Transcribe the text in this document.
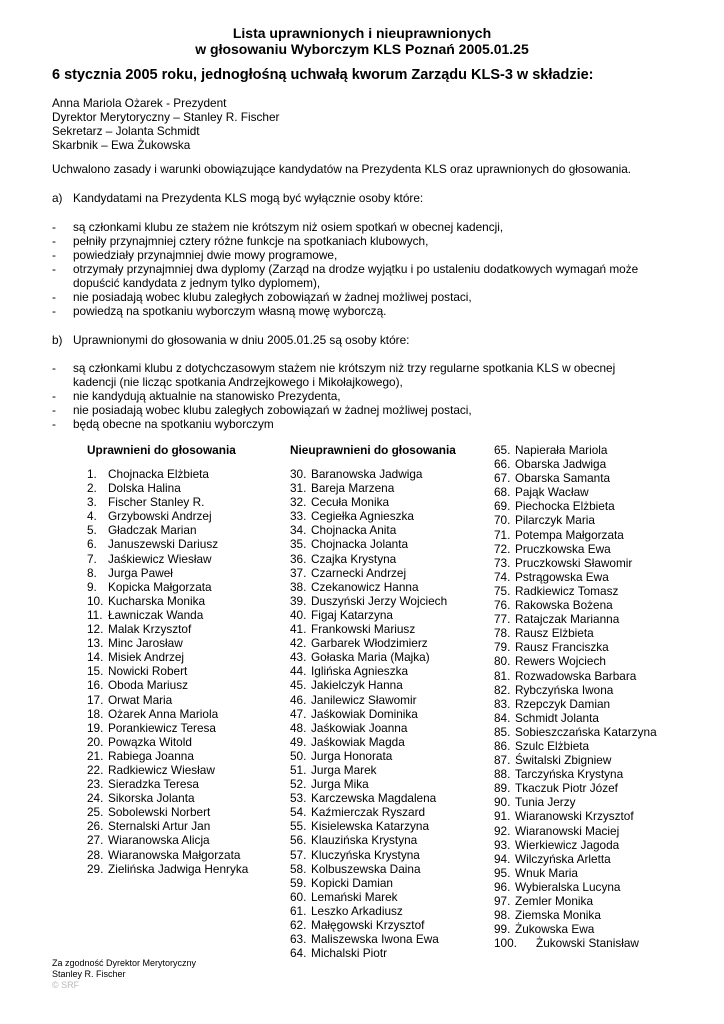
Lista uprawnionych i nieuprawnionych
w głosowaniu Wyborczym KLS Poznań 2005.01.25
6 stycznia 2005 roku, jednogłośną uchwałą kworum Zarządu KLS-3 w składzie:
Anna Mariola Ożarek - Prezydent
Dyrektor Merytoryczny – Stanley R. Fischer
Sekretarz – Jolanta Schmidt
Skarbnik – Ewa Żukowska
Uchwalono zasady i warunki obowiązujące kandydatów na Prezydenta KLS oraz uprawnionych do głosowania.
a) Kandydatami na Prezydenta KLS mogą być wyłącznie osoby które:
- są członkami klubu ze stażem nie krótszym niż osiem spotkań w obecnej kadencji,
- pełniły przynajmniej cztery różne funkcje na spotkaniach klubowych,
- powiedziały przynajmniej dwie mowy programowe,
- otrzymały przynajmniej dwa dyplomy (Zarząd na drodze wyjątku i po ustaleniu dodatkowych wymagań może
dopuścić kandydata z jednym tylko dyplomem),
- nie posiadają wobec klubu zaległych zobowiązań w żadnej możliwej postaci,
- powiedzą na spotkaniu wyborczym własną mowę wyborczą.
b) Uprawnionymi do głosowania w dniu 2005.01.25 są osoby które:
- są członkami klubu z dotychczasowym stażem nie krótszym niż trzy regularne spotkania KLS w obecnej
kadencji (nie licząc spotkania Andrzejkowego i Mikołajkowego),
- nie kandydują aktualnie na stanowisko Prezydenta,
- nie posiadają wobec klubu zaległych zobowiązań w żadnej możliwej postaci,
- będą obecne na spotkaniu wyborczym
Uprawnieni do głosowania	Nieuprawnieni do głosowania
1. Chojnacka Elżbieta
2. Dolska Halina
3. Fischer Stanley R.
4. Grzybowski Andrzej
5. Gładczak Marian
6. Januszewski Dariusz
7. Jaśkiewicz Wiesław
8. Jurga Paweł
9. Kopicka Małgorzata
10. Kucharska Monika
11. Ławniczak Wanda
12. Malak Krzysztof
13. Minc Jarosław
14. Misiek Andrzej
15. Nowicki Robert
16. Oboda Mariusz
17. Orwat Maria
18. Ożarek Anna Mariola
19. Porankiewicz Teresa
20. Powązka Witold
21. Rabiega Joanna
22. Radkiewicz Wiesław
23. Sieradzka Teresa
24. Sikorska Jolanta
25. Sobolewski Norbert
26. Sternalski Artur Jan
27. Wiaranowska Alicja
28. Wiaranowska Małgorzata
29. Zielińska Jadwiga Henryka
30. Baranowska Jadwiga
31. Bareja Marzena
32. Cecuła Monika
33. Cegiełka Agnieszka
34. Chojnacka Anita
35. Chojnacka Jolanta
36. Czajka Krystyna
37. Czarnecki Andrzej
38. Czekanowicz Hanna
39. Duszyński Jerzy Wojciech
40. Figaj Katarzyna
41. Frankowski Mariusz
42. Garbarek Włodzimierz
43. Gołaska Maria (Majka)
44. Iglińska Agnieszka
45. Jakielczyk Hanna
46. Janilewicz Sławomir
47. Jaśkowiak Dominika
48. Jaśkowiak Joanna
49. Jaśkowiak Magda
50. Jurga Honorata
51. Jurga Marek
52. Jurga Mika
53. Karczewska Magdalena
54. Kaźmierczak Ryszard
55. Kisielewska Katarzyna
56. Klauzińska Krystyna
57. Kluczyńska Krystyna
58. Kolbuszewska Daina
59. Kopicki Damian
60. Lemański Marek
61. Leszko Arkadiusz
62. Małęgowski Krzysztof
63. Maliszewska Iwona Ewa
64. Michalski Piotr
65. Napierała Mariola
66. Obarska Jadwiga
67. Obarska Samanta
68. Pająk Wacław
69. Piechocka Elżbieta
70. Pilarczyk Maria
71. Potempa Małgorzata
72. Pruczkowska Ewa
73. Pruczkowski Sławomir
74. Pstrągowska Ewa
75. Radkiewicz Tomasz
76. Rakowska Bożena
77. Ratajczak Marianna
78. Rausz Elżbieta
79. Rausz Franciszka
80. Rewers Wojciech
81. Rozwadowska Barbara
82. Rybczyńska Iwona
83. Rzepczyk Damian
84. Schmidt Jolanta
85. Sobieszczańska Katarzyna
86. Szulc Elżbieta
87. Świtalski Zbigniew
88. Tarczyńska Krystyna
89. Tkaczuk Piotr Józef
90. Tunia Jerzy
91. Wiaranowski Krzysztof
92. Wiaranowski Maciej
93. Wierkiewicz Jagoda
94. Wilczyńska Arletta
95. Wnuk Maria
96. Wybieralska Lucyna
97. Zemler Monika
98. Ziemska Monika
99. Żukowska Ewa
100. Żukowski Stanisław
Za zgodność Dyrektor Merytoryczny
Stanley R. Fischer
© SRF
